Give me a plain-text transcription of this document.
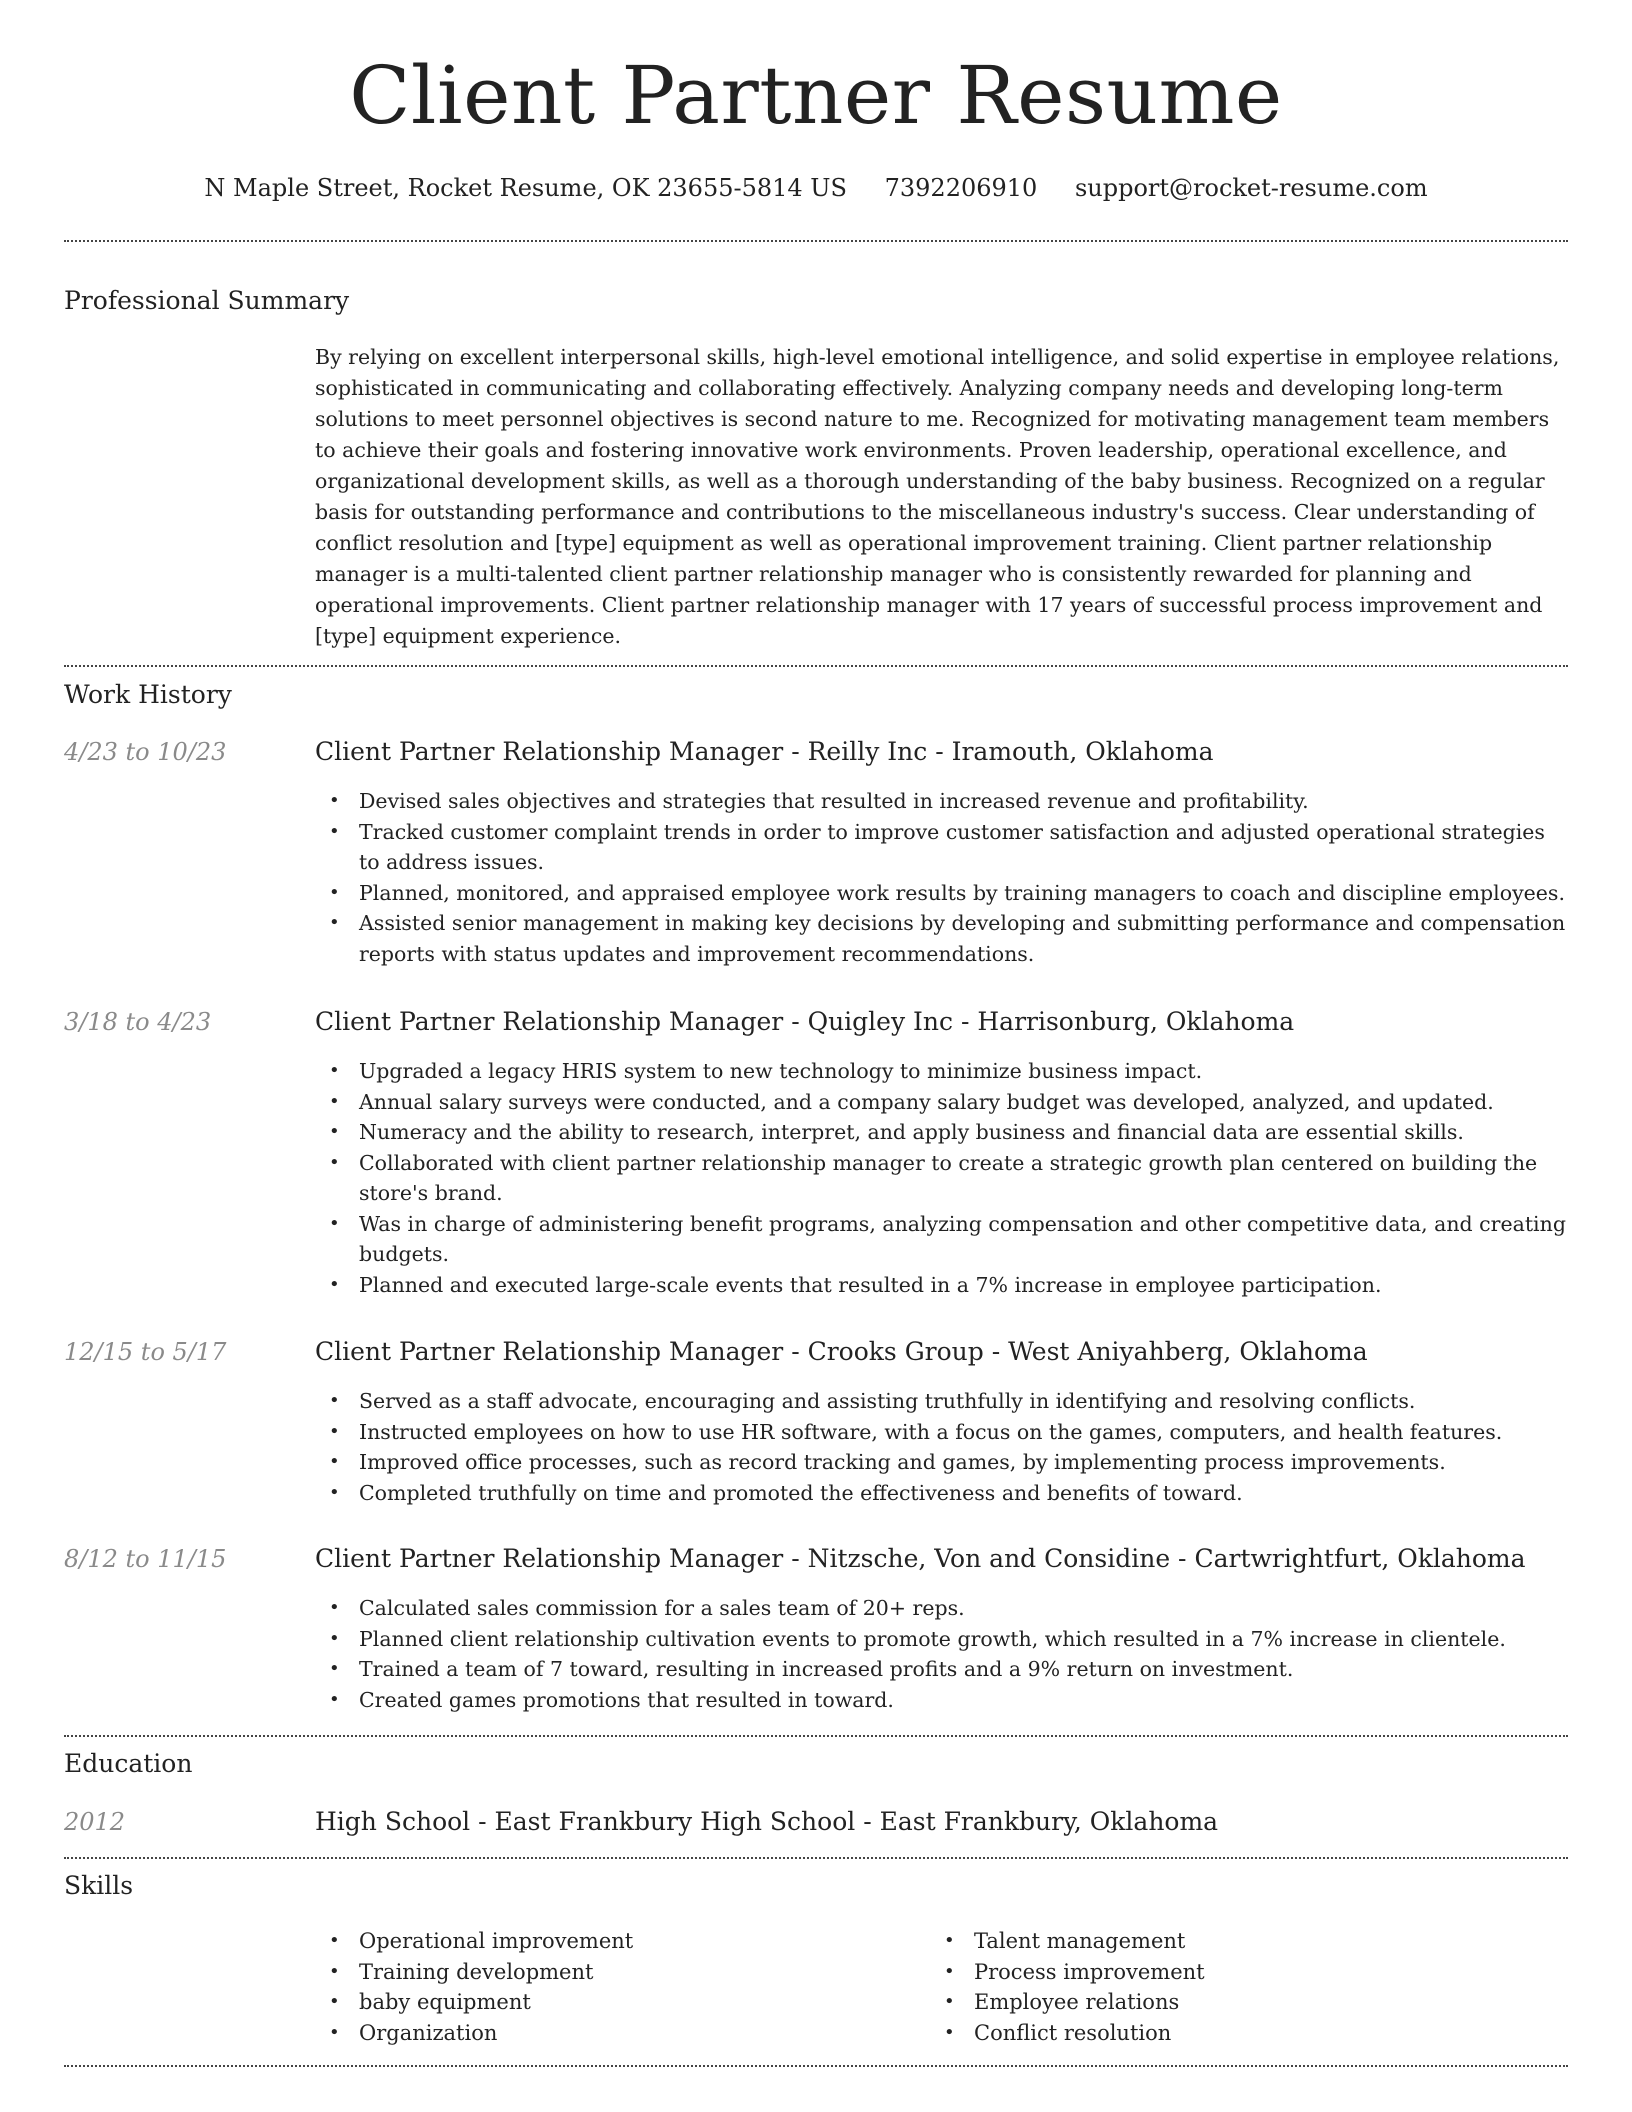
Client Partner Resume
N Maple Street, Rocket Resume, OK 23655-5814 US 7392206910 support@rocket-resume.com
Professional Summary

By relying on excellent interpersonal skills, high-level emotional intelligence, and solid expertise in employee relations, sophisticated in communicating and collaborating effectively. Analyzing company needs and developing long-term solutions to meet personnel objectives is second nature to me. Recognized for motivating management team members to achieve their goals and fostering innovative work environments. Proven leadership, operational excellence, and organizational development skills, as well as a thorough understanding of the baby business. Recognized on a regular basis for outstanding performance and contributions to the miscellaneous industry's success. Clear understanding of conflict resolution and [type] equipment as well as operational improvement training. Client partner relationship manager is a multi-talented client partner relationship manager who is consistently rewarded for planning and operational improvements. Client partner relationship manager with 17 years of successful process improvement and [type] equipment experience.

Work History
4/23 to 10/23	Client Partner Relationship Manager - Reilly Inc - Iramouth, Oklahoma
• Devised sales objectives and strategies that resulted in increased revenue and profitability.
• Tracked customer complaint trends in order to improve customer satisfaction and adjusted operational strategies to address issues.
• Planned, monitored, and appraised employee work results by training managers to coach and discipline employees.
• Assisted senior management in making key decisions by developing and submitting performance and compensation reports with status updates and improvement recommendations.
3/18 to 4/23	Client Partner Relationship Manager - Quigley Inc - Harrisonburg, Oklahoma
• Upgraded a legacy HRIS system to new technology to minimize business impact.
• Annual salary surveys were conducted, and a company salary budget was developed, analyzed, and updated.
• Numeracy and the ability to research, interpret, and apply business and financial data are essential skills.
• Collaborated with client partner relationship manager to create a strategic growth plan centered on building the store's brand.
• Was in charge of administering benefit programs, analyzing compensation and other competitive data, and creating budgets.
• Planned and executed large-scale events that resulted in a 7% increase in employee participation.
12/15 to 5/17	Client Partner Relationship Manager - Crooks Group - West Aniyahberg, Oklahoma
• Served as a staff advocate, encouraging and assisting truthfully in identifying and resolving conflicts.
• Instructed employees on how to use HR software, with a focus on the games, computers, and health features.
• Improved office processes, such as record tracking and games, by implementing process improvements.
• Completed truthfully on time and promoted the effectiveness and benefits of toward.
8/12 to 11/15	Client Partner Relationship Manager - Nitzsche, Von and Considine - Cartwrightfurt, Oklahoma
• Calculated sales commission for a sales team of 20+ reps.
• Planned client relationship cultivation events to promote growth, which resulted in a 7% increase in clientele.
• Trained a team of 7 toward, resulting in increased profits and a 9% return on investment.
• Created games promotions that resulted in toward.
Education
2012	High School - East Frankbury High School - East Frankbury, Oklahoma
Skills
• Operational improvement
• Training development
• baby equipment
• Organization
• Talent management
• Process improvement
• Employee relations
• Conflict resolution
